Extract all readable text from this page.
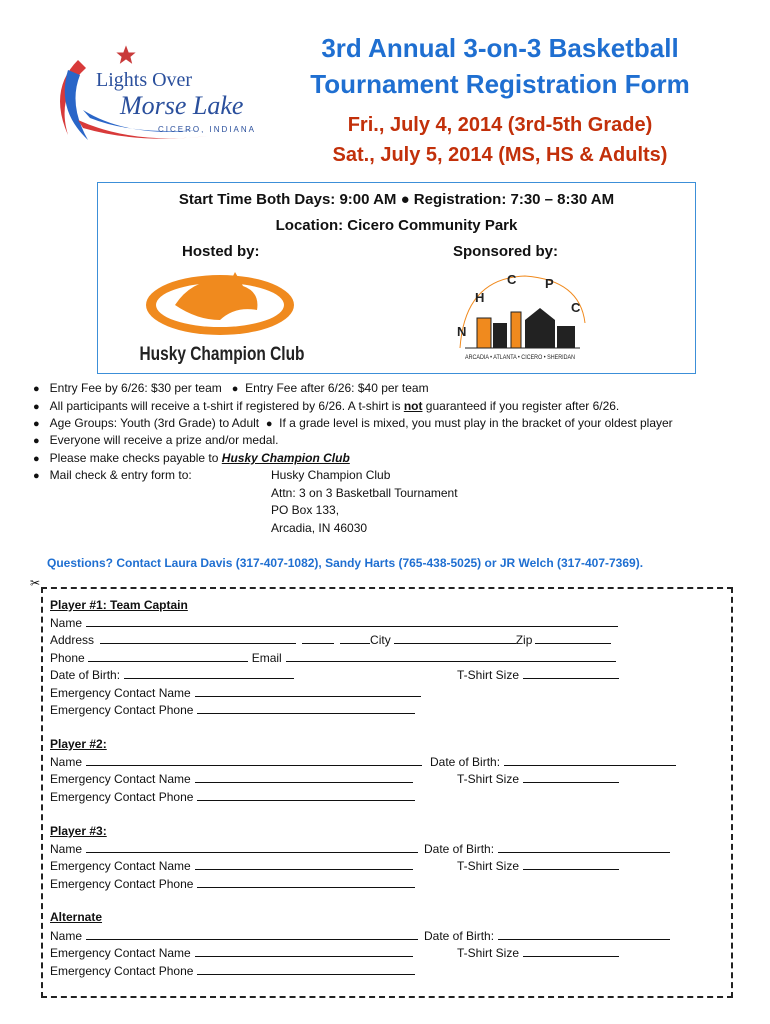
Lights Over
Morse Lake
CICERO, INDIANA
3rd Annual 3-on-3 Basketball
Tournament Registration Form
Fri., July 4, 2014 (3rd-5th Grade)
Sat., July 5, 2014 (MS, HS & Adults)
Start Time Both Days: 9:00 AM ● Registration: 7:30 – 8:30 AM
Location: Cicero Community Park
Hosted by:	Sponsored by:
Husky Champion Club
N
H
C P
C
ARCADIA • ATLANTA • CICERO • SHERIDAN
● Entry Fee by 6/26: $30 per team ● Entry Fee after 6/26: $40 per team
● All participants will receive a t-shirt if registered by 6/26. A t-shirt is not guaranteed if you register after 6/26.
● Age Groups: Youth (3rd Grade) to Adult ● If a grade level is mixed, you must play in the bracket of your oldest player
● Everyone will receive a prize and/or medal.
● Please make checks payable to Husky Champion Club
● Mail check & entry form to:	Husky Champion Club
Attn: 3 on 3 Basketball Tournament
PO Box 133,
Arcadia, IN 46030
Questions? Contact Laura Davis (317-407-1082), Sandy Harts (765-438-5025) or JR Welch (317-407-7369).
✂
Player #1: Team Captain
Name
Address	City	Zip
Phone	Email
Date of Birth:	T-Shirt Size
Emergency Contact Name
Emergency Contact Phone
Player #2:
Name	Date of Birth:
Emergency Contact Name	T-Shirt Size
Emergency Contact Phone
Player #3:
Name	Date of Birth:
Emergency Contact Name	T-Shirt Size
Emergency Contact Phone
Alternate
Name	Date of Birth:
Emergency Contact Name	T-Shirt Size
Emergency Contact Phone
